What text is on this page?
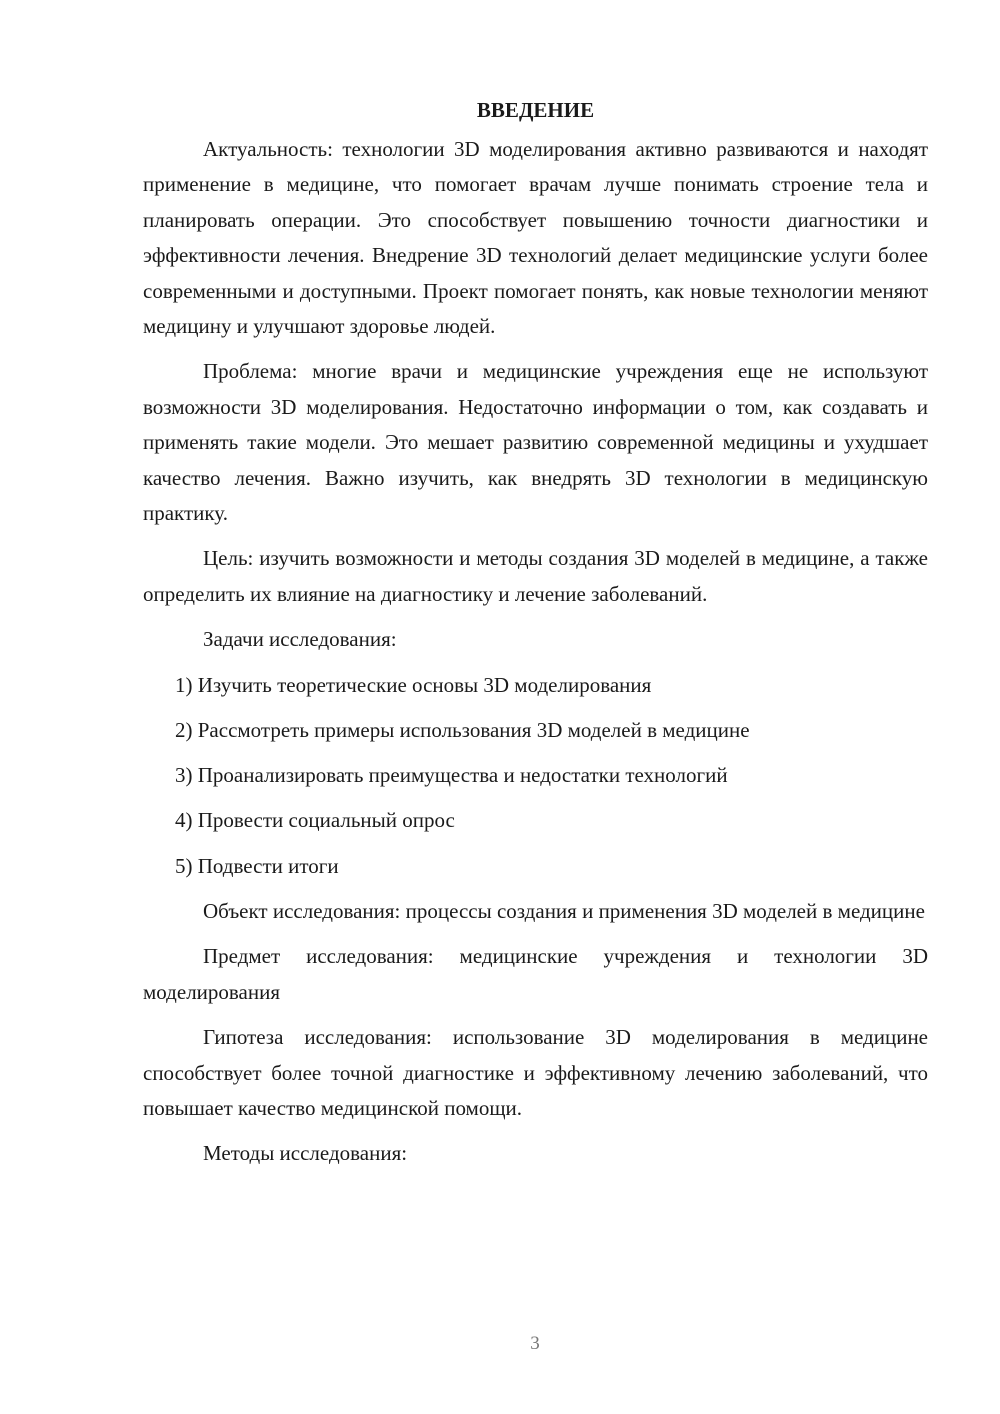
ВВЕДЕНИЕ

Актуальность: технологии 3D моделирования активно развиваются и находят применение в медицине, что помогает врачам лучше понимать строение тела и планировать операции. Это способствует повышению точности диагностики и эффективности лечения. Внедрение 3D технологий делает медицинские услуги более современными и доступными. Проект помогает понять, как новые технологии меняют медицину и улучшают здоровье людей.

Проблема: многие врачи и медицинские учреждения еще не используют возможности 3D моделирования. Недостаточно информации о том, как создавать и применять такие модели. Это мешает развитию современной медицины и ухудшает качество лечения. Важно изучить, как внедрять 3D технологии в медицинскую практику.

Цель: изучить возможности и методы создания 3D моделей в медицине, а также определить их влияние на диагностику и лечение заболеваний.

Задачи исследования:

1) Изучить теоретические основы 3D моделирования
2) Рассмотреть примеры использования 3D моделей в медицине
3) Проанализировать преимущества и недостатки технологий
4) Провести социальный опрос
5) Подвести итоги

Объект исследования: процессы создания и применения 3D моделей в медицине

Предмет исследования: медицинские учреждения и технологии 3D моделирования

Гипотеза исследования: использование 3D моделирования в медицине способствует более точной диагностике и эффективному лечению заболеваний, что повышает качество медицинской помощи.

Методы исследования:

3
